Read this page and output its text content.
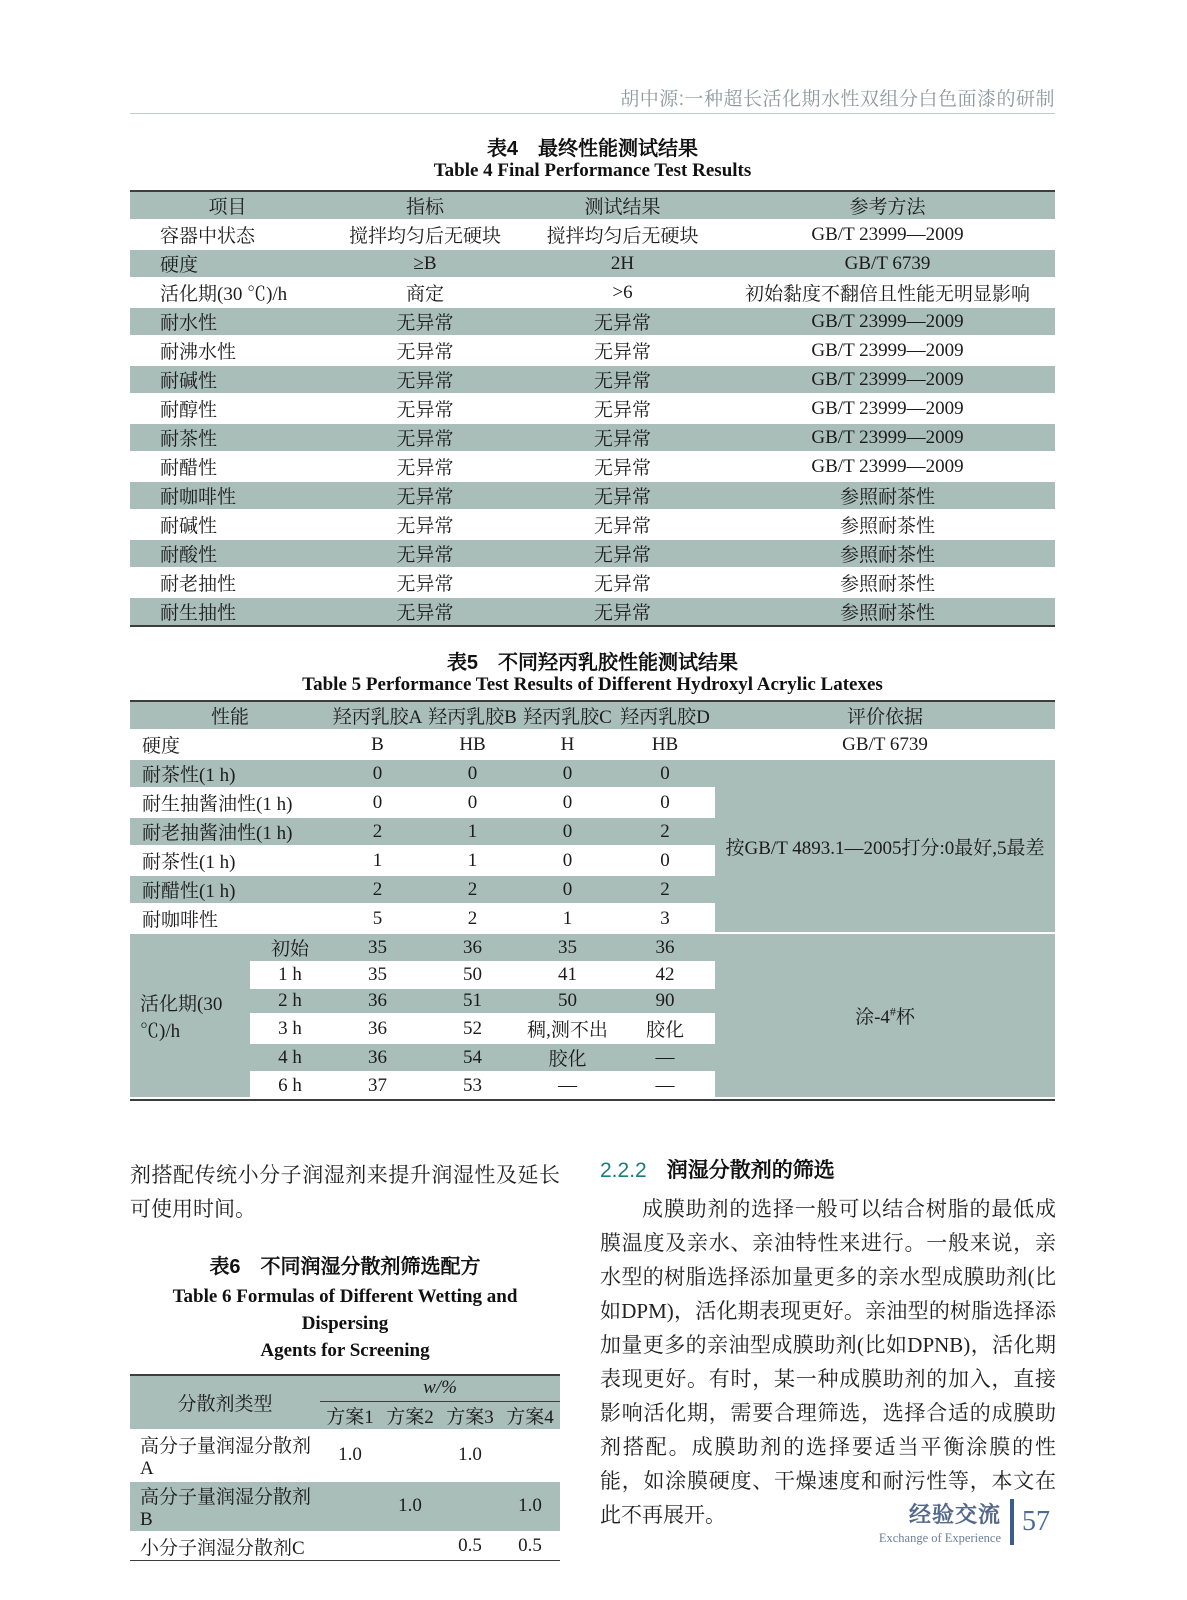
胡中源:一种超长活化期水性双组分白色面漆的研制
表4　最终性能测试结果
Table 4 Final Performance Test Results
项目	指标	测试结果	参考方法
容器中状态	搅拌均匀后无硬块	搅拌均匀后无硬块	GB/T 23999—2009
硬度	≥B	2H	GB/T 6739
活化期(30 ℃)/h	商定	>6	初始黏度不翻倍且性能无明显影响
耐水性	无异常	无异常	GB/T 23999—2009
耐沸水性	无异常	无异常	GB/T 23999—2009
耐碱性	无异常	无异常	GB/T 23999—2009
耐醇性	无异常	无异常	GB/T 23999—2009
耐茶性	无异常	无异常	GB/T 23999—2009
耐醋性	无异常	无异常	GB/T 23999—2009
耐咖啡性	无异常	无异常	参照耐茶性
耐碱性	无异常	无异常	参照耐茶性
耐酸性	无异常	无异常	参照耐茶性
耐老抽性	无异常	无异常	参照耐茶性
耐生抽性	无异常	无异常	参照耐茶性
表5　不同羟丙乳胶性能测试结果
Table 5 Performance Test Results of Different Hydroxyl Acrylic Latexes
性能		羟丙乳胶A	羟丙乳胶B	羟丙乳胶C	羟丙乳胶D	评价依据
硬度		B	HB	H	HB	GB/T 6739
耐茶性(1 h)		0	0	0	0	按GB/T 4893.1—2005打分:0最好,5最差
耐生抽酱油性(1 h)		0	0	0	0	
耐老抽酱油性(1 h)		2	1	0	2	
耐茶性(1 h)		1	1	0	0	
耐醋性(1 h)		2	2	0	2	
耐咖啡性		5	2	1	3	
活化期(30 ℃)/h	初始	35	36	35	36	涂-4#杯
	1 h	35	50	41	42	
	2 h	36	51	50	90	
	3 h	36	52	稠,测不出	胶化	
	4 h	36	54	胶化	—	
	6 h	37	53	—	—	

剂搭配传统小分子润湿剂来提升润湿性及延长可使用时间。

表6　不同润湿分散剂筛选配方
Table 6 Formulas of Different Wetting and Dispersing
Agents for Screening
分散剂类型	w/%			
	方案1	方案2	方案3	方案4
高分子量润湿分散剂A	1.0		1.0	
高分子量润湿分散剂B		1.0		1.0
小分子润湿分散剂C			0.5	0.5
2.2.2 润湿分散剂的筛选

成膜助剂的选择一般可以结合树脂的最低成膜温度及亲水、亲油特性来进行。一般来说，亲水型的树脂选择添加量更多的亲水型成膜助剂(比如DPM)，活化期表现更好。亲油型的树脂选择添加量更多的亲油型成膜助剂(比如DPNB)，活化期表现更好。有时，某一种成膜助剂的加入，直接影响活化期，需要合理筛选，选择合适的成膜助剂搭配。成膜助剂的选择要适当平衡涂膜的性能，如涂膜硬度、干燥速度和耐污性等，本文在此不再展开。	经验交流
Exchange of Experience
57
